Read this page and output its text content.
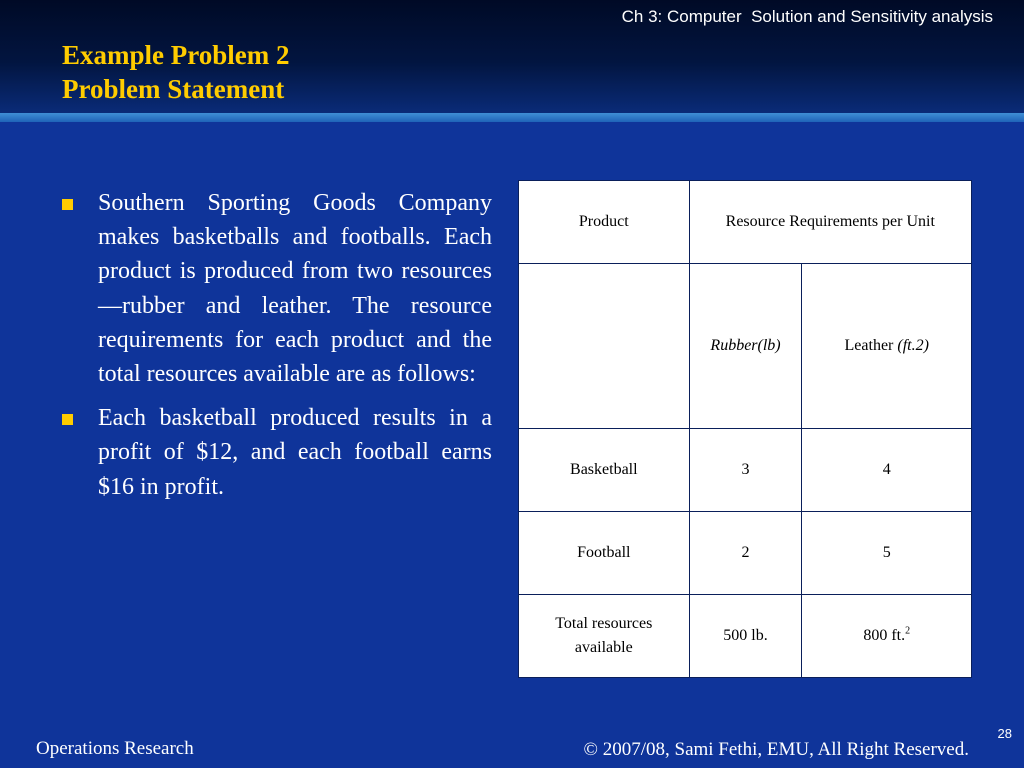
Ch 3: Computer  Solution and Sensitivity analysis
Example Problem 2
Problem Statement
Southern Sporting Goods Company makes basketballs and footballs. Each product is produced from two resources—rubber and leather. The resource requirements for each product and the total resources available are as follows:
Each basketball produced results in a profit of $12, and each football earns $16 in profit.
Product	Resource Requirements per Unit	
	Rubber(lb)	Leather (ft.2)
Basketball	3	4
Football	2	5
Total resources available	500 lb.	800 ft.$^2$
Operations Research	© 2007/08, Sami Fethi, EMU, All Right Reserved.
28
